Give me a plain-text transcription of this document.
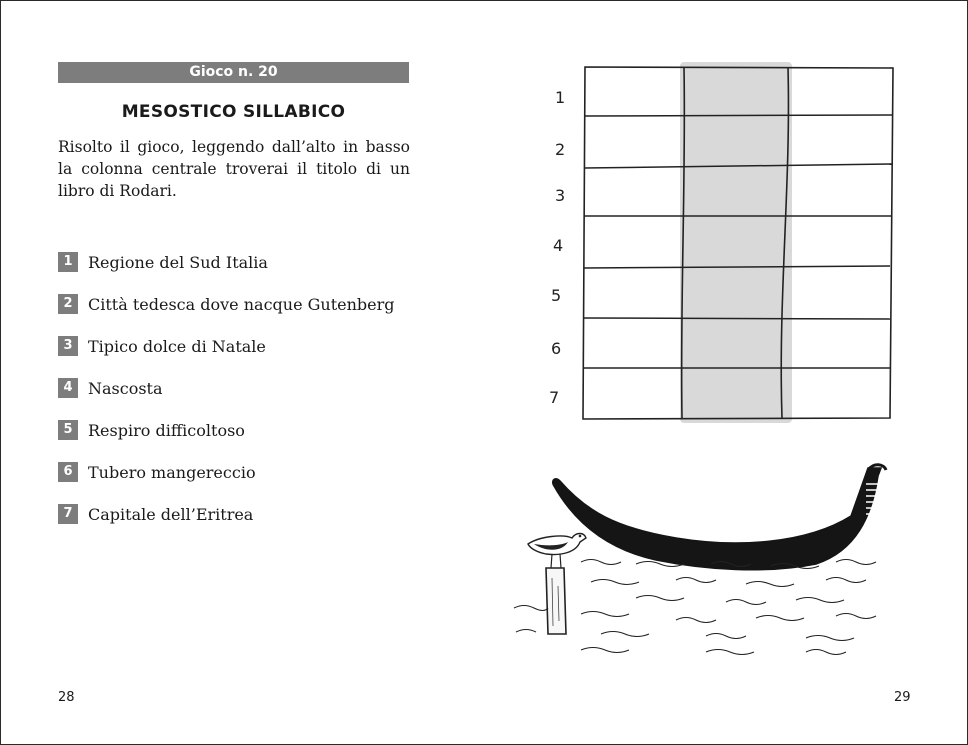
Gioco n. 20
MESOSTICO SILLABICO
Risolto il gioco, leggendo dall’alto in basso la colonna centrale troverai il titolo di un libro di Rodari.
1 Regione del Sud Italia
2 Città tedesca dove nacque Gutenberg
3 Tipico dolce di Natale
4 Nascosta
5 Respiro difficoltoso
6 Tubero mangereccio
7 Capitale dell’Eritrea
28
1
2
3
4
5
6
7
29
